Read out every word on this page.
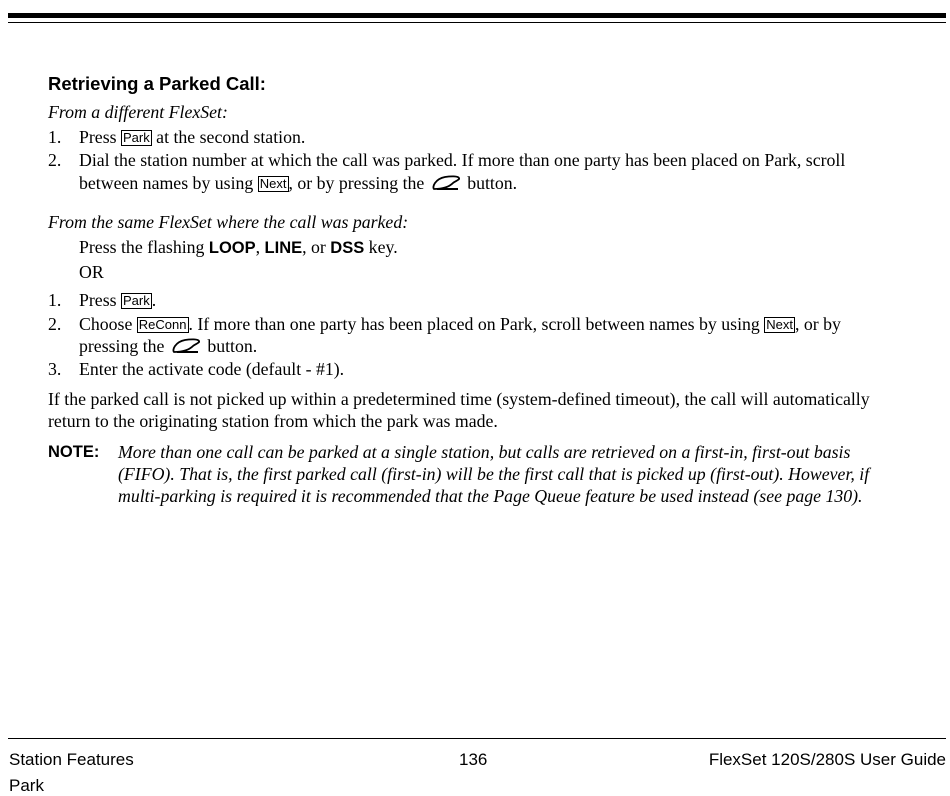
Retrieving a Parked Call:
From a different FlexSet:
1. Press Park at the second station.
2. Dial the station number at which the call was parked. If more than one party has been placed on Park, scroll
between names by using Next , or by pressing the  button.
From the same FlexSet where the call was parked:
Press the flashing LOOP, LINE, or DSS key.
OR
1. Press Park .
2. Choose ReConn . If more than one party has been placed on Park, scroll between names by using Next , or by
pressing the  button.
3. Enter the activate code (default - #1).
If the parked call is not picked up within a predetermined time (system-defined timeout), the call will automatically
return to the originating station from which the park was made.
NOTE: More than one call can be parked at a single station, but calls are retrieved on a first-in, first-out basis
(FIFO). That is, the first parked call (first-in) will be the first call that is picked up (first-out). However, if
multi-parking is required it is recommended that the Page Queue feature be used instead (see page 130).
Station Features
Park
136	FlexSet 120S/280S User Guide
